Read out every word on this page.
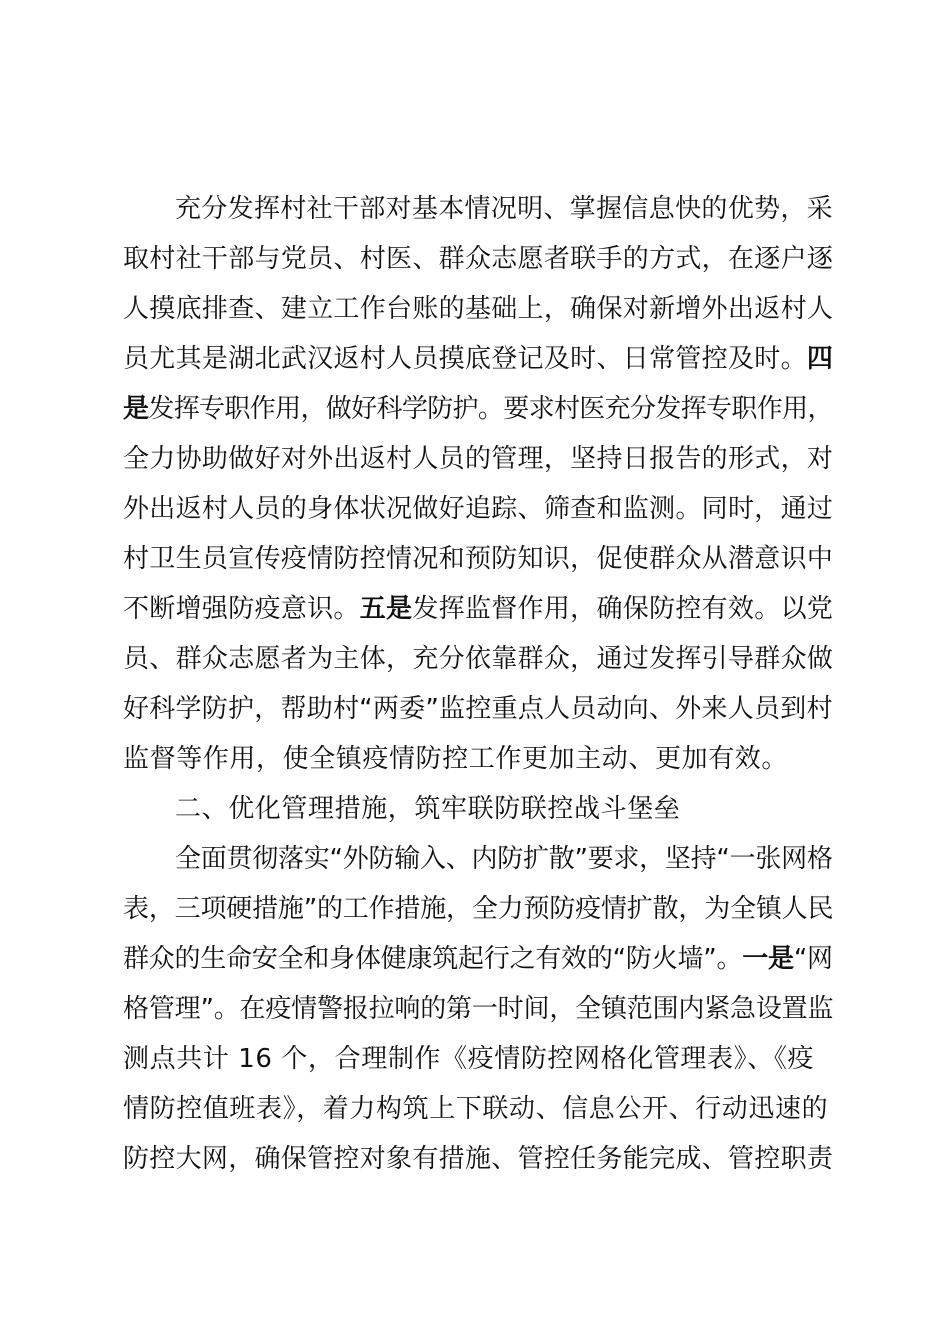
充分发挥村社干部对基本情况明、掌握信息快的优势，采
取村社干部与党员、村医、群众志愿者联手的方式，在逐户逐
人摸底排查、建立工作台账的基础上，确保对新增外出返村人
员尤其是湖北武汉返村人员摸底登记及时、日常管控及时。四
是发挥专职作用，做好科学防护。要求村医充分发挥专职作用，
全力协助做好对外出返村人员的管理，坚持日报告的形式，对
外出返村人员的身体状况做好追踪、筛查和监测。同时，通过
村卫生员宣传疫情防控情况和预防知识，促使群众从潜意识中
不断增强防疫意识。五是发挥监督作用，确保防控有效。以党
员、群众志愿者为主体，充分依靠群众，通过发挥引导群众做
好科学防护，帮助村“两委”监控重点人员动向、外来人员到村
监督等作用，使全镇疫情防控工作更加主动、更加有效。
二、优化管理措施，筑牢联防联控战斗堡垒
全面贯彻落实“外防输入、内防扩散”要求，坚持“一张网格
表，三项硬措施”的工作措施，全力预防疫情扩散，为全镇人民
群众的生命安全和身体健康筑起行之有效的“防火墙”。一是“网
格管理”。在疫情警报拉响的第一时间，全镇范围内紧急设置监
测点共计 16 个，合理制作《疫情防控网格化管理表》、《疫
情防控值班表》，着力构筑上下联动、信息公开、行动迅速的
防控大网，确保管控对象有措施、管控任务能完成、管控职责
